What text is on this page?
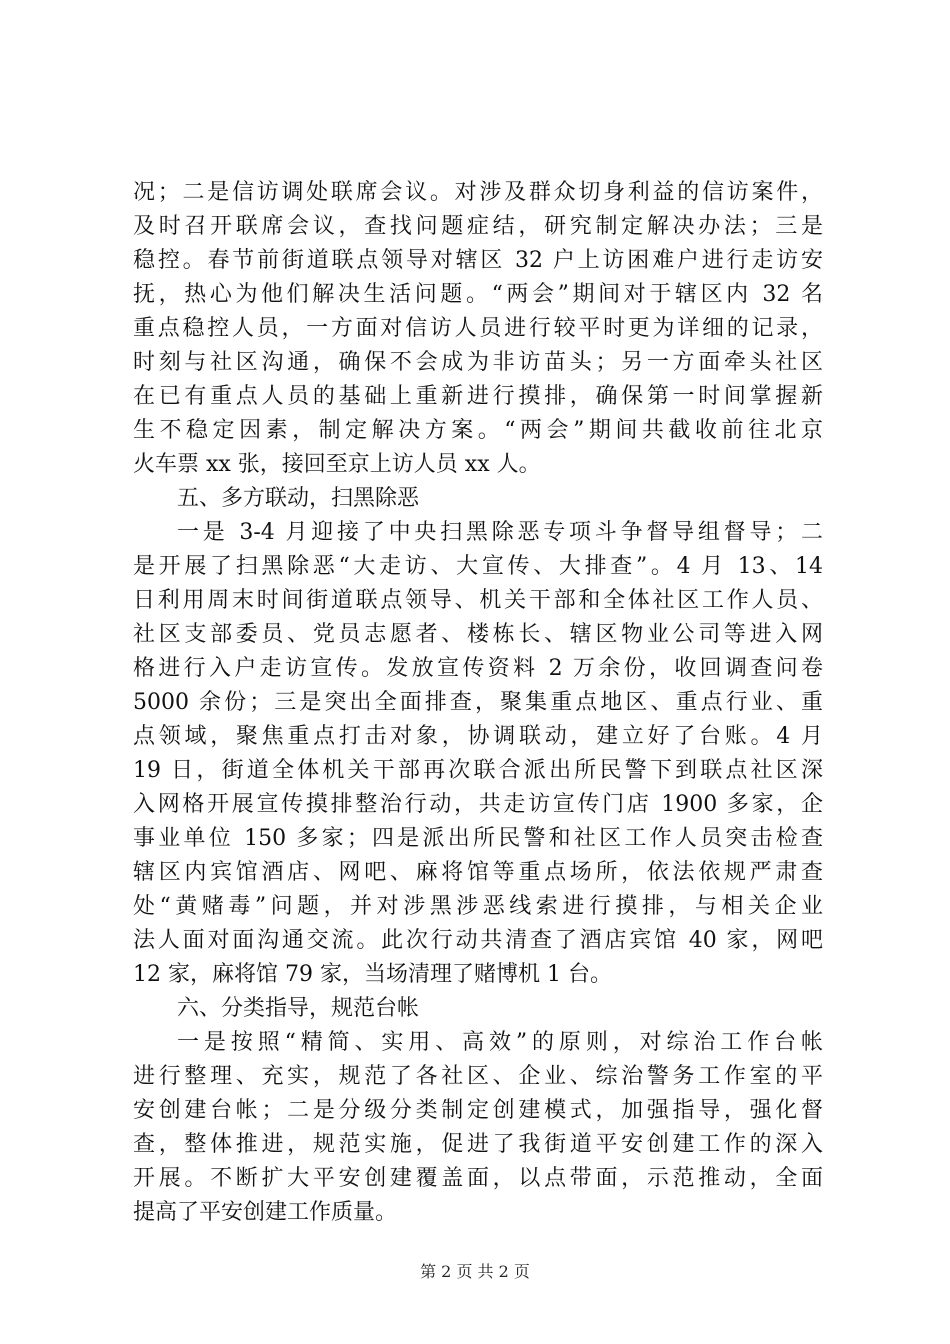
况；二是信访调处联席会议。对涉及群众切身利益的信访案件，
及时召开联席会议，查找问题症结，研究制定解决办法；三是
稳控。春节前街道联点领导对辖区 32 户上访困难户进行走访安
抚，热心为他们解决生活问题。“两会”期间对于辖区内 32 名
重点稳控人员，一方面对信访人员进行较平时更为详细的记录，
时刻与社区沟通，确保不会成为非访苗头；另一方面牵头社区
在已有重点人员的基础上重新进行摸排，确保第一时间掌握新
生不稳定因素，制定解决方案。“两会”期间共截收前往北京
火车票 xx 张，接回至京上访人员 xx 人。
五、多方联动，扫黑除恶
一是 3-4 月迎接了中央扫黑除恶专项斗争督导组督导；二
是开展了扫黑除恶“大走访、大宣传、大排查”。4 月 13、14
日利用周末时间街道联点领导、机关干部和全体社区工作人员、
社区支部委员、党员志愿者、楼栋长、辖区物业公司等进入网
格进行入户走访宣传。发放宣传资料 2 万余份，收回调查问卷
5000 余份；三是突出全面排查，聚集重点地区、重点行业、重
点领域，聚焦重点打击对象，协调联动，建立好了台账。4 月
19 日，街道全体机关干部再次联合派出所民警下到联点社区深
入网格开展宣传摸排整治行动，共走访宣传门店 1900 多家，企
事业单位 150 多家；四是派出所民警和社区工作人员突击检查
辖区内宾馆酒店、网吧、麻将馆等重点场所，依法依规严肃查
处“黄赌毒”问题，并对涉黑涉恶线索进行摸排，与相关企业
法人面对面沟通交流。此次行动共清查了酒店宾馆 40 家，网吧
12 家，麻将馆 79 家，当场清理了赌博机 1 台。
六、分类指导，规范台帐
一是按照“精简、实用、高效”的原则，对综治工作台帐
进行整理、充实，规范了各社区、企业、综治警务工作室的平
安创建台帐；二是分级分类制定创建模式，加强指导，强化督
查，整体推进，规范实施，促进了我街道平安创建工作的深入
开展。不断扩大平安创建覆盖面，以点带面，示范推动，全面
提高了平安创建工作质量。
第 2 页 共 2 页
